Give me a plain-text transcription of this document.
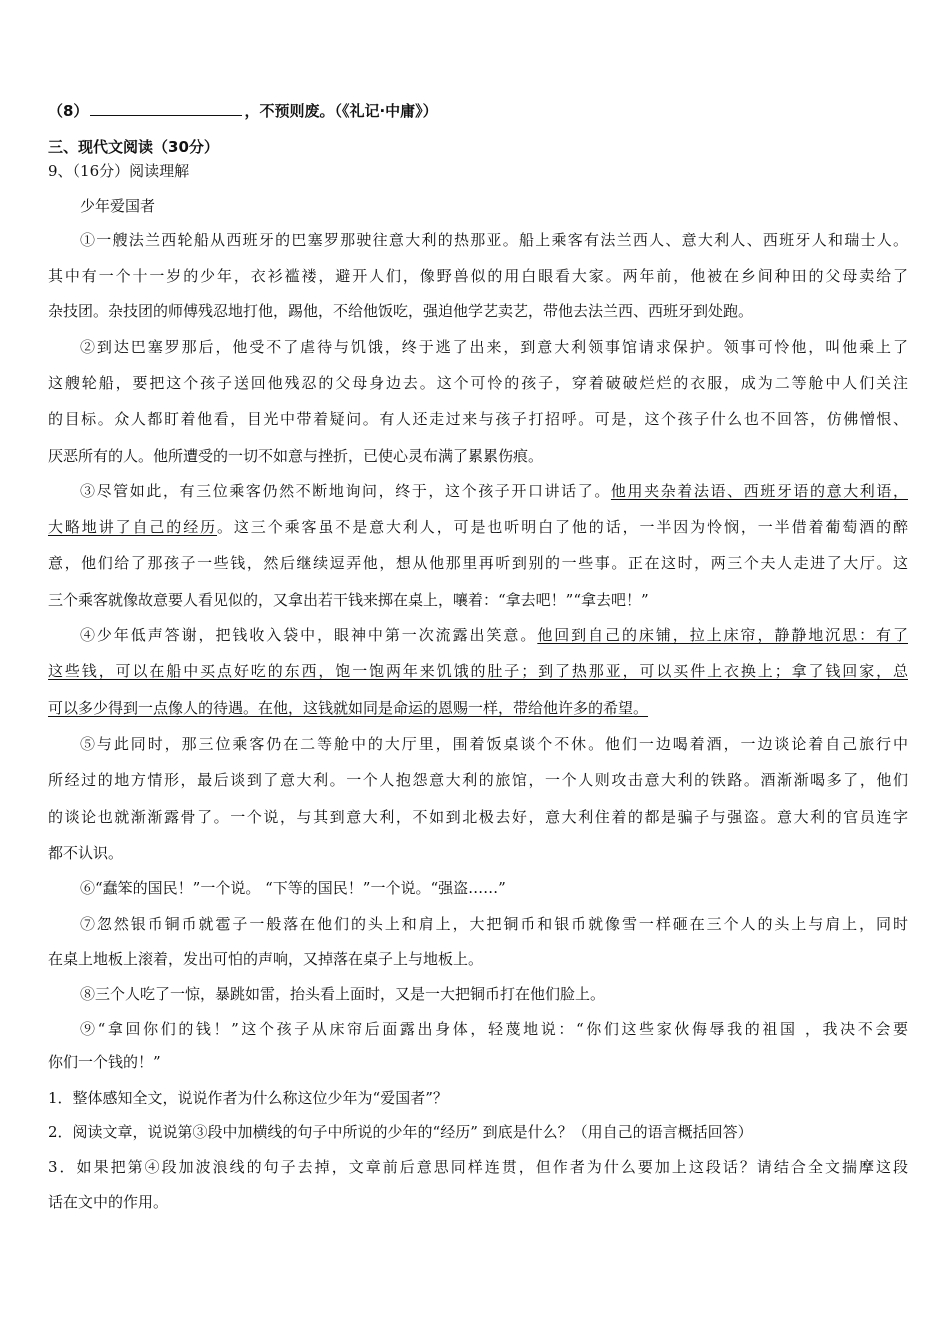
（8）	，不预则废。（《礼记·中庸》）
三、现代文阅读（30分）
9、（16分）阅读理解
少年爱国者
①一艘法兰西轮船从西班牙的巴塞罗那驶往意大利的热那亚。船上乘客有法兰西人、意大利人、西班牙人和瑞士人。
其中有一个十一岁的少年，衣衫褴褛，避开人们，像野兽似的用白眼看大家。两年前，他被在乡间种田的父母卖给了
杂技团。杂技团的师傅残忍地打他，踢他，不给他饭吃，强迫他学艺卖艺，带他去法兰西、西班牙到处跑。
②到达巴塞罗那后，他受不了虐待与饥饿，终于逃了出来，到意大利领事馆请求保护。领事可怜他，叫他乘上了
这艘轮船，要把这个孩子送回他残忍的父母身边去。这个可怜的孩子，穿着破破烂烂的衣服，成为二等舱中人们关注
的目标。众人都盯着他看，目光中带着疑问。有人还走过来与孩子打招呼。可是，这个孩子什么也不回答，仿佛憎恨、
厌恶所有的人。他所遭受的一切不如意与挫折，已使心灵布满了累累伤痕。
③尽管如此，有三位乘客仍然不断地询问，终于，这个孩子开口讲话了。他用夹杂着法语、西班牙语的意大利语，
大略地讲了自己的经历。这三个乘客虽不是意大利人，可是也听明白了他的话，一半因为怜悯，一半借着葡萄酒的醉
意，他们给了那孩子一些钱，然后继续逗弄他，想从他那里再听到别的一些事。正在这时，两三个夫人走进了大厅。这
三个乘客就像故意要人看见似的，又拿出若干钱来掷在桌上，嚷着：“拿去吧！”“拿去吧！”
④少年低声答谢，把钱收入袋中，眼神中第一次流露出笑意。他回到自己的床铺，拉上床帘，静静地沉思：有了
这些钱，可以在船中买点好吃的东西，饱一饱两年来饥饿的肚子；到了热那亚，可以买件上衣换上；拿了钱回家，总
可以多少得到一点像人的待遇。在他，这钱就如同是命运的恩赐一样，带给他许多的希望。
⑤与此同时，那三位乘客仍在二等舱中的大厅里，围着饭桌谈个不休。他们一边喝着酒，一边谈论着自己旅行中
所经过的地方情形，最后谈到了意大利。一个人抱怨意大利的旅馆，一个人则攻击意大利的铁路。酒渐渐喝多了，他们
的谈论也就渐渐露骨了。一个说，与其到意大利，不如到北极去好，意大利住着的都是骗子与强盗。意大利的官员连字
都不认识。
⑥“蠢笨的国民！”一个说。 “下等的国民！”一个说。“强盗……”
⑦忽然银币铜币就雹子一般落在他们的头上和肩上，大把铜币和银币就像雪一样砸在三个人的头上与肩上，同时
在桌上地板上滚着，发出可怕的声响，又掉落在桌子上与地板上。
⑧三个人吃了一惊，暴跳如雷，抬头看上面时，又是一大把铜币打在他们脸上。
⑨“拿回你们的钱！”这个孩子从床帘后面露出身体，轻蔑地说：“你们这些家伙侮辱我的祖国 ，我决不会要
你们一个钱的！”
1．整体感知全文，说说作者为什么称这位少年为“爱国者”？
2．阅读文章，说说第③段中加横线的句子中所说的少年的“经历” 到底是什么？（用自己的语言概括回答）
3．如果把第④段加波浪线的句子去掉，文章前后意思同样连贯，但作者为什么要加上这段话？请结合全文揣摩这段
话在文中的作用。
